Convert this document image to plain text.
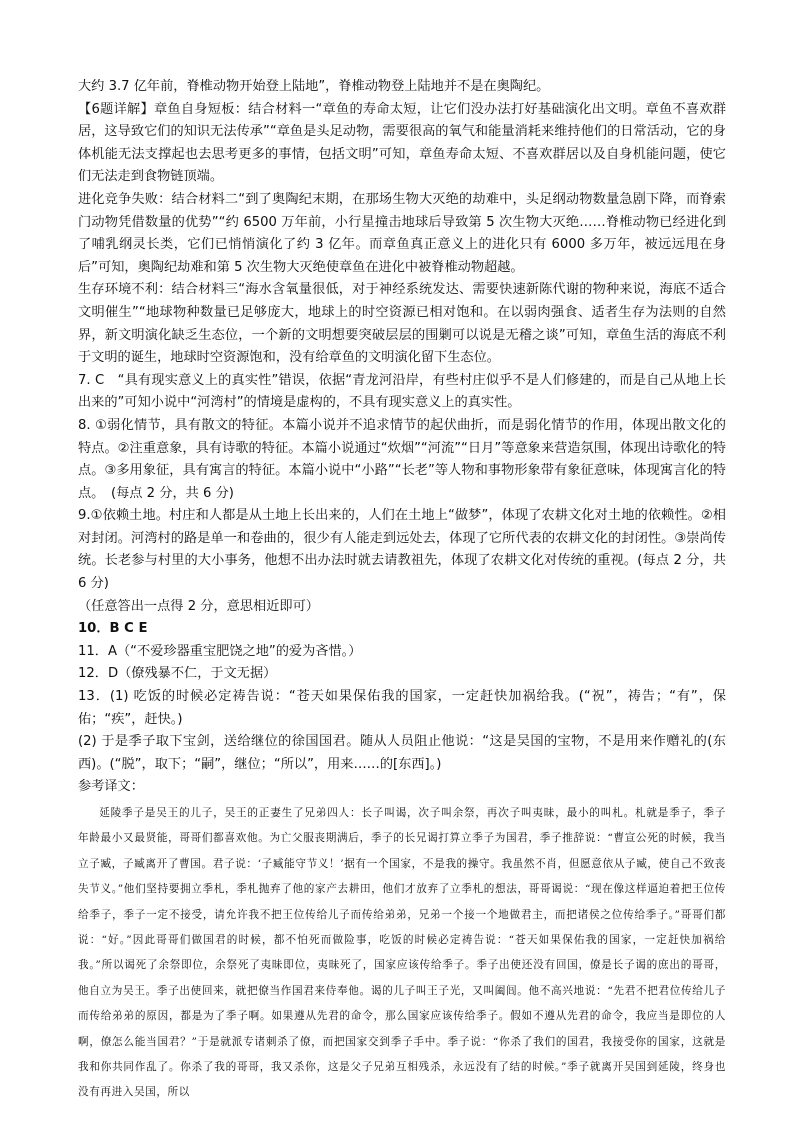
大约 3.7 亿年前，脊椎动物开始登上陆地”，脊椎动物登上陆地并不是在奥陶纪。

【6题详解】章鱼自身短板：结合材料一“章鱼的寿命太短，让它们没办法打好基础演化出文明。章鱼不喜欢群居，这导致它们的知识无法传承”“章鱼是头足动物，需要很高的氧气和能量消耗来维持他们的日常活动，它的身体机能无法支撑起也去思考更多的事情，包括文明”可知，章鱼寿命太短、不喜欢群居以及自身机能问题，使它们无法走到食物链顶端。

进化竞争失败：结合材料二“到了奥陶纪末期，在那场生物大灭绝的劫难中，头足纲动物数量急剧下降，而脊索门动物凭借数量的优势”“约 6500 万年前，小行星撞击地球后导致第 5 次生物大灭绝……脊椎动物已经进化到了哺乳纲灵长类，它们已悄悄演化了约 3 亿年。而章鱼真正意义上的进化只有 6000 多万年，被远远甩在身后”可知，奥陶纪劫难和第 5 次生物大灭绝使章鱼在进化中被脊椎动物超越。

生存环境不利：结合材料三“海水含氧量很低，对于神经系统发达、需要快速新陈代谢的物种来说，海底不适合文明催生”“地球物种数量已足够庞大，地球上的时空资源已相对饱和。在以弱肉强食、适者生存为法则的自然界，新文明演化缺乏生态位，一个新的文明想要突破层层的围剿可以说是无稽之谈”可知，章鱼生活的海底不利于文明的诞生，地球时空资源饱和，没有给章鱼的文明演化留下生态位。

7. C　“具有现实意义上的真实性”错误，依据“青龙河沿岸，有些村庄似乎不是人们修建的，而是自己从地上长出来的”可知小说中“河湾村”的情境是虚构的，不具有现实意义上的真实性。

8. ①弱化情节，具有散文的特征。本篇小说并不追求情节的起伏曲折，而是弱化情节的作用，体现出散文化的特点。②注重意象，具有诗歌的特征。本篇小说通过“炊烟”“河流”“日月”等意象来营造氛围，体现出诗歌化的特点。③多用象征，具有寓言的特征。本篇小说中“小路”“长老”等人物和事物形象带有象征意味，体现寓言化的特点。　(每点 2 分，共 6 分)

9.①依赖土地。村庄和人都是从土地上长出来的，人们在土地上“做梦”，体现了农耕文化对土地的依赖性。②相对封闭。河湾村的路是单一和卷曲的，很少有人能走到远处去，体现了它所代表的农耕文化的封闭性。③崇尚传统。长老参与村里的大小事务，他想不出办法时就去请教祖先，体现了农耕文化对传统的重视。(每点 2 分，共 6 分)

（任意答出一点得 2 分，意思相近即可）

10．B C E

11．A（“不爱珍器重宝肥饶之地”的爱为吝惜。）

12．D（僚残暴不仁，于文无据）

13．(1) 吃饭的时候必定祷告说：“苍天如果保佑我的国家，一定赶快加祸给我。(“祝”，祷告；“有”，保佑；“疾”，赶快。)

(2) 于是季子取下宝剑，送给继位的徐国国君。随从人员阻止他说：“这是吴国的宝物，不是用来作赠礼的(东西)。(“脱”，取下；“嗣”，继位；“所以”，用来……的[东西]。)

参考译文：

延陵季子是吴王的儿子，吴王的正妻生了兄弟四人：长子叫谒，次子叫余祭，再次子叫夷昧，最小的叫札。札就是季子，季子年龄最小又最贤能，哥哥们都喜欢他。为亡父服丧期满后，季子的长兄谒打算立季子为国君，季子推辞说：“曹宣公死的时候，我当立子臧，子臧离开了曹国。君子说：‘子臧能守节义！’据有一个国家，不是我的操守。我虽然不肖，但愿意依从子臧，使自己不致丧失节义。”他们坚持要拥立季札，季札抛弃了他的家产去耕田，他们才放弃了立季札的想法，哥哥谒说：“现在像这样逼迫着把王位传给季子，季子一定不接受，请允许我不把王位传给儿子而传给弟弟，兄弟一个接一个地做君主，而把诸侯之位传给季子。”哥哥们都说：“好。”因此哥哥们做国君的时候，都不怕死而做险事，吃饭的时候必定祷告说：“苍天如果保佑我的国家，一定赶快加祸给我。”所以谒死了余祭即位，余祭死了夷昧即位，夷昧死了，国家应该传给季子。季子出使还没有回国，僚是长子谒的庶出的哥哥，他自立为吴王。季子出使回来，就把僚当作国君来侍奉他。谒的儿子叫王子光，又叫阖闾。他不高兴地说：“先君不把君位传给儿子而传给弟弟的原因，都是为了季子啊。如果遵从先君的命令，那么国家应该传给季子。假如不遵从先君的命令，我应当是即位的人啊，僚怎么能当国君？”于是就派专诸刺杀了僚，而把国家交到季子手中。季子说：“你杀了我们的国君，我接受你的国家，这就是我和你共同作乱了。你杀了我的哥哥，我又杀你，这是父子兄弟互相残杀，永远没有了结的时候。”季子就离开吴国到延陵，终身也没有再进入吴国，所以
